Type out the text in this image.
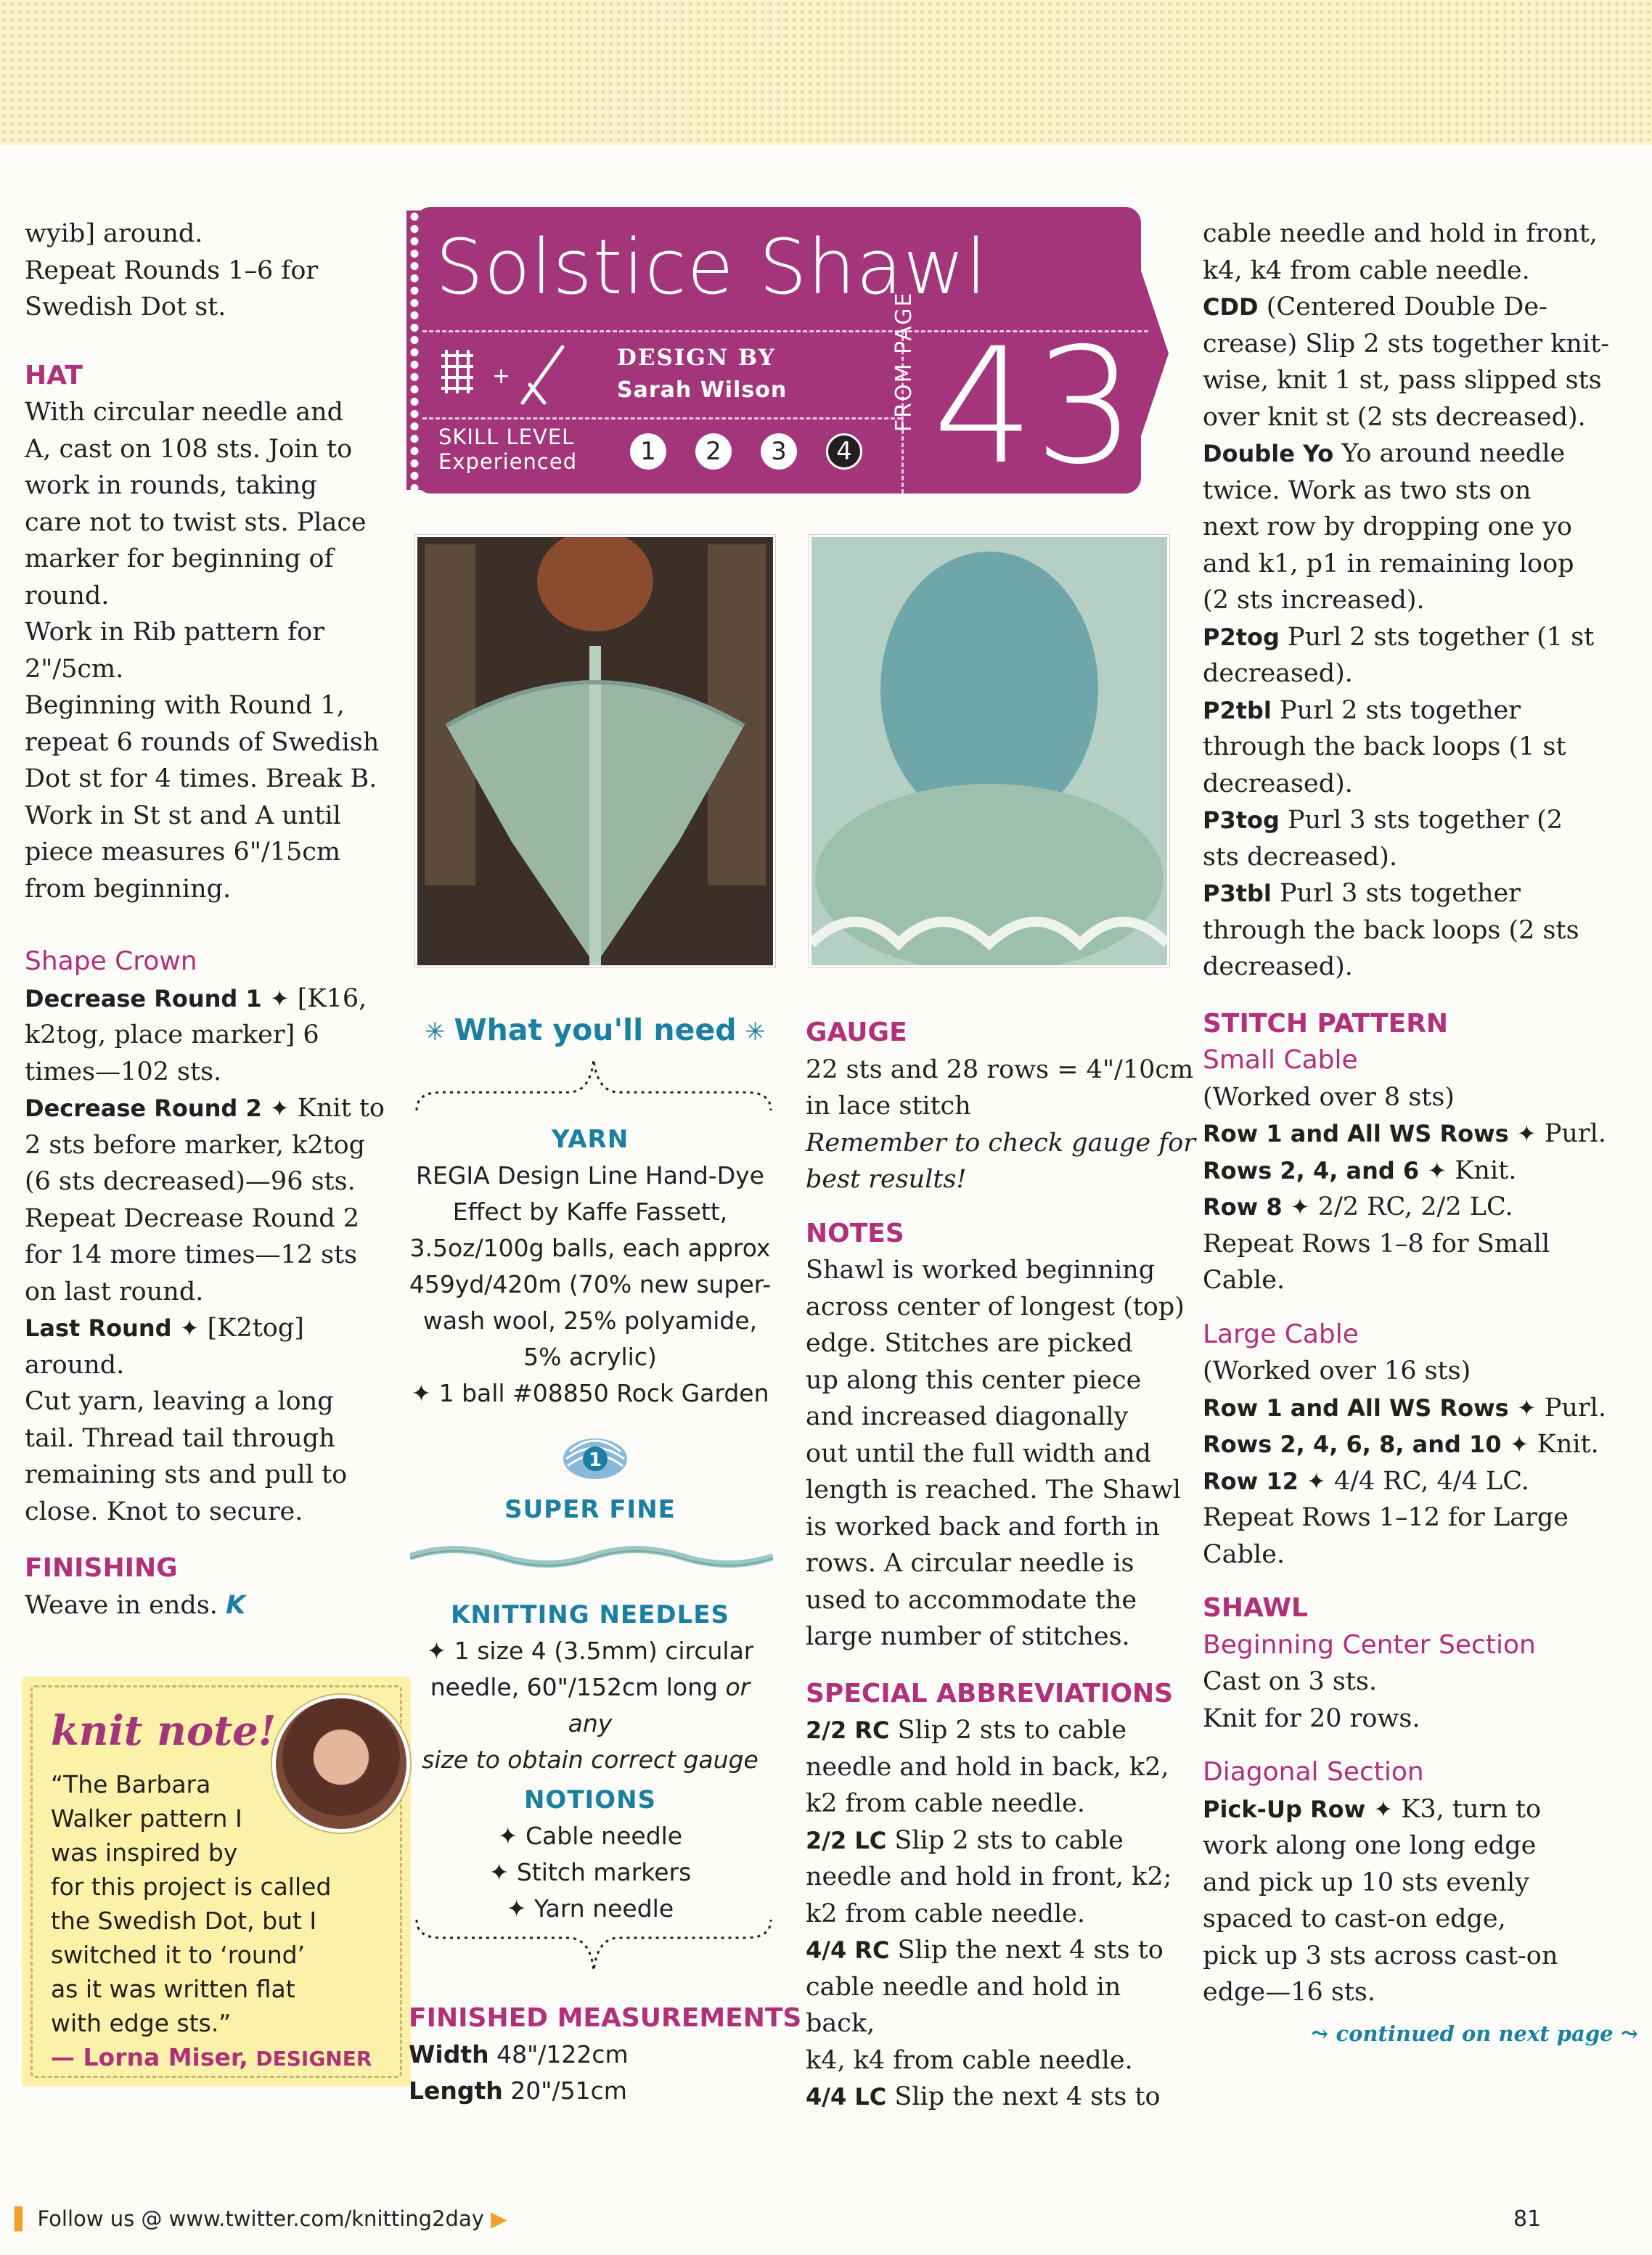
wyib] around.
Repeat Rounds 1–6 for
Swedish Dot st.

HAT

With circular needle and
A, cast on 108 sts. Join to
work in rounds, taking
care not to twist sts. Place
marker for beginning of
round.
Work in Rib pattern for
2"/5cm.
Beginning with Round 1,
repeat 6 rounds of Swedish
Dot st for 4 times. Break B.
Work in St st and A until
piece measures 6"/15cm
from beginning.

Shape Crown

Decrease Round 1 ✦ [K16,

k2tog, place marker] 6
times—102 sts.

Decrease Round 2 ✦ Knit to

2 sts before marker, k2tog
(6 sts decreased)—96 sts.
Repeat Decrease Round 2
for 14 more times—12 sts
on last round.

Last Round ✦ [K2tog]

around.
Cut yarn, leaving a long
tail. Thread tail through
remaining sts and pull to
close. Knot to secure.

FINISHING

Weave in ends. K

knit note!
“The Barbara
Walker pattern I
was inspired by
for this project is called
the Swedish Dot, but I
switched it to ‘round’
as it was written flat
with edge sts.”
— Lorna Miser, DESIGNER
Solstice Shawl
+
DESIGN BY
Sarah Wilson
SKILL LEVEL
Experienced	1	2	3	4
FROM PAGE 43
✳ What you'll need ✳
YARN
REGIA Design Line Hand-Dye
Effect by Kaffe Fassett,
3.5oz/100g balls, each approx
459yd/420m (70% new super-
wash wool, 25% polyamide,
5% acrylic)
✦ 1 ball #08850 Rock Garden
1
SUPER FINE
KNITTING NEEDLES
✦ 1 size 4 (3.5mm) circular
needle, 60"/152cm long or any
size to obtain correct gauge
NOTIONS
✦ Cable needle
✦ Stitch markers
✦ Yarn needle
FINISHED MEASUREMENTS
Width 48"/122cm
Length 20"/51cm

GAUGE

22 sts and 28 rows = 4"/10cm
in lace stitch
Remember to check gauge for
best results!

NOTES

Shawl is worked beginning
across center of longest (top)
edge. Stitches are picked
up along this center piece
and increased diagonally
out until the full width and
length is reached. The Shawl
is worked back and forth in
rows. A circular needle is
used to accommodate the
large number of stitches.

SPECIAL ABBREVIATIONS

2/2 RC Slip 2 sts to cable
needle and hold in back, k2,
k2 from cable needle.
2/2 LC Slip 2 sts to cable
needle and hold in front, k2;
k2 from cable needle.
4/4 RC Slip the next 4 sts to
cable needle and hold in back,
k4, k4 from cable needle.
4/4 LC Slip the next 4 sts to
cable needle and hold in front,
k4, k4 from cable needle.
CDD (Centered Double De-
crease) Slip 2 sts together knit-
wise, knit 1 st, pass slipped sts
over knit st (2 sts decreased).
Double Yo Yo around needle
twice. Work as two sts on
next row by dropping one yo
and k1, p1 in remaining loop
(2 sts increased).
P2tog Purl 2 sts together (1 st
decreased).
P2tbl Purl 2 sts together
through the back loops (1 st
decreased).
P3tog Purl 3 sts together (2
sts decreased).
P3tbl Purl 3 sts together
through the back loops (2 sts
decreased).

STITCH PATTERN

Small Cable

(Worked over 8 sts)

Row 1 and All WS Rows ✦ Purl.
Rows 2, 4, and 6 ✦ Knit.
Row 8 ✦ 2/2 RC, 2/2 LC.
Repeat Rows 1–8 for Small
Cable.

Large Cable

(Worked over 16 sts)

Row 1 and All WS Rows ✦ Purl.
Rows 2, 4, 6, 8, and 10 ✦ Knit.
Row 12 ✦ 4/4 RC, 4/4 LC.
Repeat Rows 1–12 for Large
Cable.

SHAWL

Beginning Center Section

Cast on 3 sts.
Knit for 20 rows.

Diagonal Section

Pick-Up Row ✦ K3, turn to

work along one long edge
and pick up 10 sts evenly
spaced to cast-on edge,
pick up 3 sts across cast-on
edge—16 sts.

⤳ continued on next page ⤳

▌ Follow us @ www.twitter.com/knitting2day ▶	81
